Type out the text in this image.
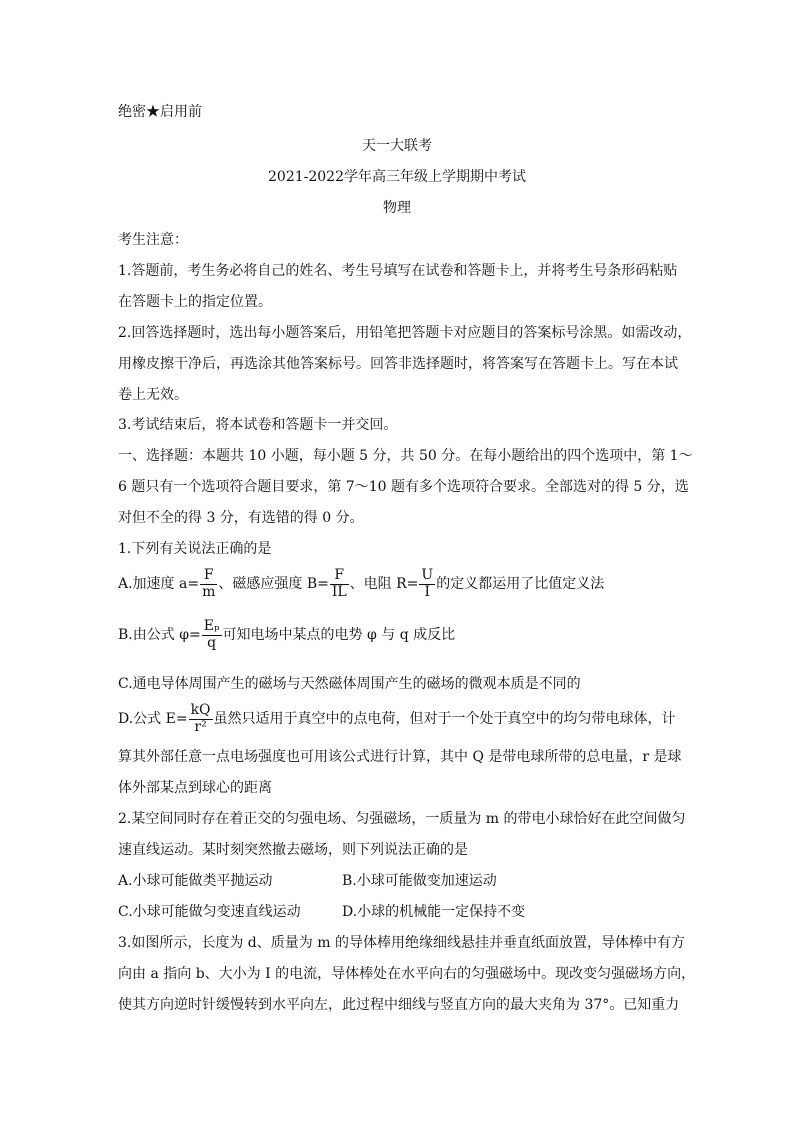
绝密★启用前
天一大联考
2021-2022学年高三年级上学期期中考试
物理
考生注意：
1.答题前，考生务必将自己的姓名、考生号填写在试卷和答题卡上，并将考生号条形码粘贴
在答题卡上的指定位置。
2.回答选择题时，选出每小题答案后，用铅笔把答题卡对应题目的答案标号涂黑。如需改动，
用橡皮擦干净后，再选涂其他答案标号。回答非选择题时，将答案写在答题卡上。写在本试
卷上无效。
3.考试结束后，将本试卷和答题卡一并交回。
一、选择题：本题共 10 小题，每小题 5 分，共 50 分。在每小题给出的四个选项中，第 1～
6 题只有一个选项符合题目要求，第 7～10 题有多个选项符合要求。全部选对的得 5 分，选
对但不全的得 3 分，有选错的得 0 分。
1.下列有关说法正确的是
A.加速度 $a= \frac{F}{m}$ 、磁感应强度 $B= \frac{F}{IL}$ 、电阻 $R= \frac{U}{I}$ 的定义都运用了比值定义法
B.由公式 $\varphi= \frac{\text{Eₚ}}{q}$ 可知电场中某点的电势 φ 与 q 成反比
C.通电导体周围产生的磁场与天然磁体周围产生的磁场的微观本质是不同的
D.公式 $E= \frac{kQ}{\text{r²}}$ 虽然只适用于真空中的点电荷，但对于一个处于真空中的均匀带电球体，计
算其外部任意一点电场强度也可用该公式进行计算，其中 Q 是带电球所带的总电量，r 是球
体外部某点到球心的距离
2.某空间同时存在着正交的匀强电场、匀强磁场，一质量为 m 的带电小球恰好在此空间做匀
速直线运动。某时刻突然撤去磁场，则下列说法正确的是
A.小球可能做类平抛运动	B.小球可能做变加速运动
C.小球可能做匀变速直线运动	D.小球的机械能一定保持不变
3.如图所示，长度为 d、质量为 m 的导体棒用绝缘细线悬挂并垂直纸面放置，导体棒中有方
向由 a 指向 b、大小为 I 的电流，导体棒处在水平向右的匀强磁场中。现改变匀强磁场方向，
使其方向逆时针缓慢转到水平向左，此过程中细线与竖直方向的最大夹角为 37°。已知重力
